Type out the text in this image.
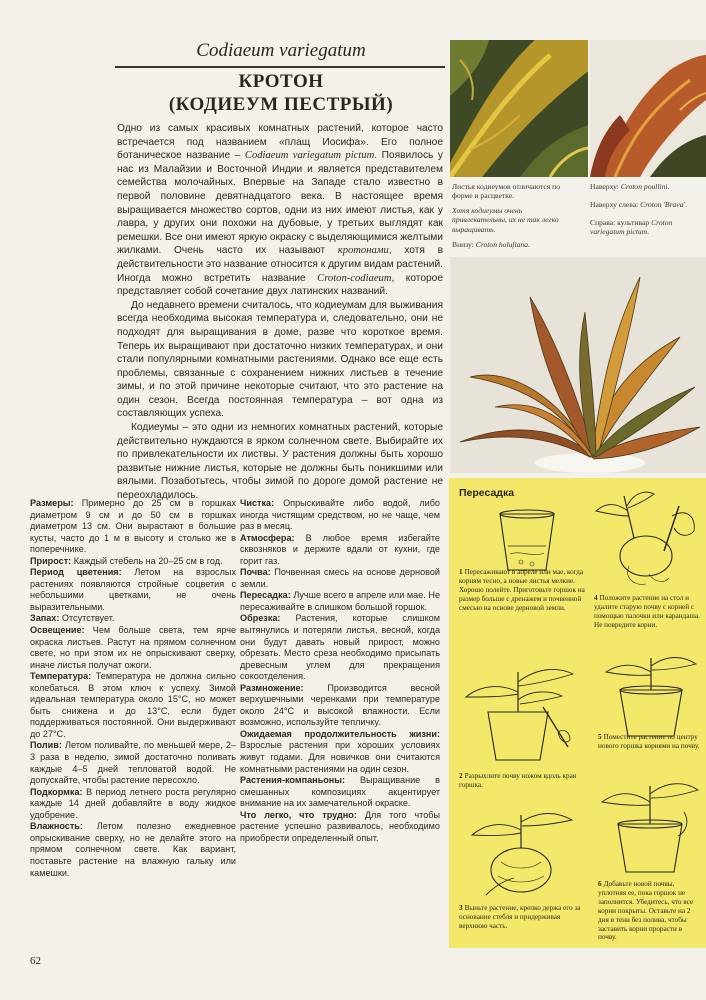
Codiaeum variegatum
КРОТОН
(КОДИЕУМ ПЕСТРЫЙ)

Одно из самых красивых комнатных растений, которое часто встречается под названием «плащ Иосифа». Его полное ботаническое название – Codiaeum variegatum pictum. Появилось у нас из Малайзии и Восточной Индии и является представителем семейства молочайных. Впервые на Западе стало известно в первой половине девятнадцатого века. В настоящее время выращивается множество сортов, одни из них имеют листья, как у лавра, у других они похожи на дубовые, у третьих выглядят как ремешки. Все они имеют яркую окраску с выделяющимися желтыми жилками. Очень часто их называют кротонами, хотя в действительности это название относится к другим видам растений. Иногда можно встретить название Croton-codiaeum, которое представляет собой сочетание двух латинских названий.

До недавнего времени считалось, что кодиеумам для выживания всегда необходима высокая температура и, следовательно, они не подходят для выращивания в доме, разве что короткое время. Теперь их выращивают при достаточно низких температурах, и они стали популярными комнатными растениями. Однако все еще есть проблемы, связанные с сохранением нижних листьев в течение зимы, и по этой причине некоторые считают, что это растение на один сезон. Всегда постоянная температура – вот одна из составляющих успеха.

Кодиеумы – это одни из немногих комнатных растений, которые действительно нуждаются в ярком солнечном свете. Выбирайте их по привлекательности их листвы. У растения должны быть хорошо развитые нижние листья, которые не должны быть поникшими или вялыми. Позаботьтесь, чтобы зимой по дороге домой растение не переохладилось.

Листья кодиеумов отличаются по форме и расцветке.
Хотя кодиеумы очень привлекательны, их не так легко выращивать.
Внизу: Croton holufiana.
Наверху: Croton poullini.
Наверху слева: Croton 'Brava'.
Справа: культивар Croton variegatum pictum.
Размеры: Примерно до 25 см в горшках диаметром 9 см и до 50 см в горшках диаметром 13 см. Они вырастают в большие кусты, часто до 1 м в высоту и столько же в поперечнике.
Прирост: Каждый стебель на 20–25 см в год.
Период цветения: Летом на взрослых растениях появляются стройные соцветия с небольшими цветками, не очень выразительными.
Запах: Отсутствует.
Освещение: Чем больше света, тем ярче окраска листьев. Растут на прямом солнечном свете, но при этом их не опрыскивают сверху, иначе листья получат ожоги.
Температура: Температура не должна сильно колебаться. В этом ключ к успеху. Зимой идеальная температура около 15°С, но может быть снижена и до 13°С, если будет поддерживаться постоянной. Они выдерживают до 27°С.
Полив: Летом поливайте, по меньшей мере, 2–3 раза в неделю, зимой достаточно поливать каждые 4–5 дней тепловатой водой. Не допускайте, чтобы растение пересохло.
Подкормка: В период летнего роста регулярно каждые 14 дней добавляйте в воду жидкое удобрение.
Влажность: Летом полезно ежедневное опрыскивание сверху, но не делайте этого на прямом солнечном свете. Как вариант, поставьте растение на влажную гальку или камешки.
Чистка: Опрыскивайте либо водой, либо иногда чистящим средством, но не чаще, чем раз в месяц.
Атмосфера: В любое время избегайте сквозняков и держите вдали от кухни, где горит газ.
Почва: Почвенная смесь на основе дерновой земли.
Пересадка: Лучше всего в апреле или мае. Не пересаживайте в слишком большой горшок.
Обрезка: Растения, которые слишком вытянулись и потеряли листья, весной, когда они будут давать новый прирост, можно обрезать. Место среза необходимо присыпать древесным углем для прекращения сокоотделения.
Размножение: Производится весной верхушечными черенками при температуре около 24°С и высокой влажности. Если возможно, используйте тепличку.
Ожидаемая продолжительность жизни: Взрослые растения при хороших условиях живут годами. Для новичков они считаются комнатными растениями на один сезон.
Растения-компаньоны: Выращивание в смешанных композициях акцентирует внимание на их замечательной окраске.
Что легко, что трудно: Для того чтобы растение успешно развивалось, необходимо приобрести определенный опыт.
Пересадка
1 Пересаживают в апреле или мае, когда корням тесно, а новые листья мелкие. Хорошо полейте. Приготовьте горшок на размер больше с дренажем и почвенной смесью на основе дерновой земли.
2 Разрыхлите почву ножом вдоль края горшка.
3 Выньте растение, крепко держа его за основание стебля и придерживая верхнюю часть.
4 Положите растение на стол и удалите старую почву с корней с помощью палочки или карандаша. Не повредите корни.
5 Поместите растение по центру нового горшка корнями на почву.
6 Добавьте новой почвы, уплотняя ее, пока горшок не заполнится. Убедитесь, что все корни покрыты. Оставьте на 2 дня в тени без полива, чтобы заставить корни прорасти в почву.
62
